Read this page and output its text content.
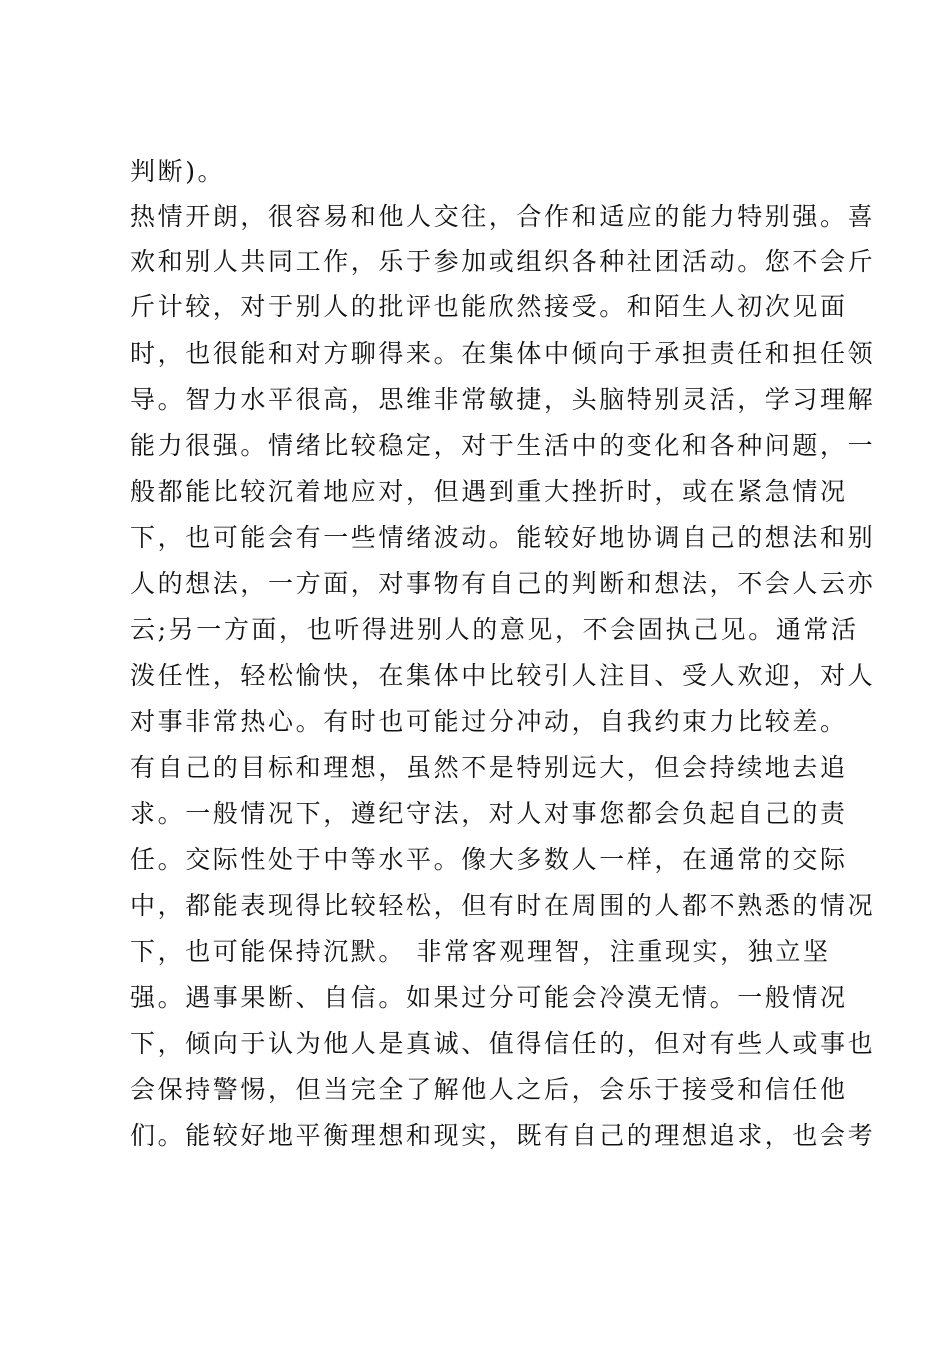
判断)。
热情开朗，很容易和他人交往，合作和适应的能力特别强。喜
欢和别人共同工作，乐于参加或组织各种社团活动。您不会斤
斤计较，对于别人的批评也能欣然接受。和陌生人初次见面
时，也很能和对方聊得来。在集体中倾向于承担责任和担任领
导。智力水平很高，思维非常敏捷，头脑特别灵活，学习理解
能力很强。情绪比较稳定，对于生活中的变化和各种问题，一
般都能比较沉着地应对，但遇到重大挫折时，或在紧急情况
下，也可能会有一些情绪波动。能较好地协调自己的想法和别
人的想法，一方面，对事物有自己的判断和想法，不会人云亦
云;另一方面，也听得进别人的意见，不会固执己见。通常活
泼任性，轻松愉快，在集体中比较引人注目、受人欢迎，对人
对事非常热心。有时也可能过分冲动，自我约束力比较差。
有自己的目标和理想，虽然不是特别远大，但会持续地去追
求。一般情况下，遵纪守法，对人对事您都会负起自己的责
任。交际性处于中等水平。像大多数人一样，在通常的交际
中，都能表现得比较轻松，但有时在周围的人都不熟悉的情况
下，也可能保持沉默。 非常客观理智，注重现实，独立坚
强。遇事果断、自信。如果过分可能会冷漠无情。一般情况
下，倾向于认为他人是真诚、值得信任的，但对有些人或事也
会保持警惕，但当完全了解他人之后，会乐于接受和信任他
们。能较好地平衡理想和现实，既有自己的理想追求，也会考
